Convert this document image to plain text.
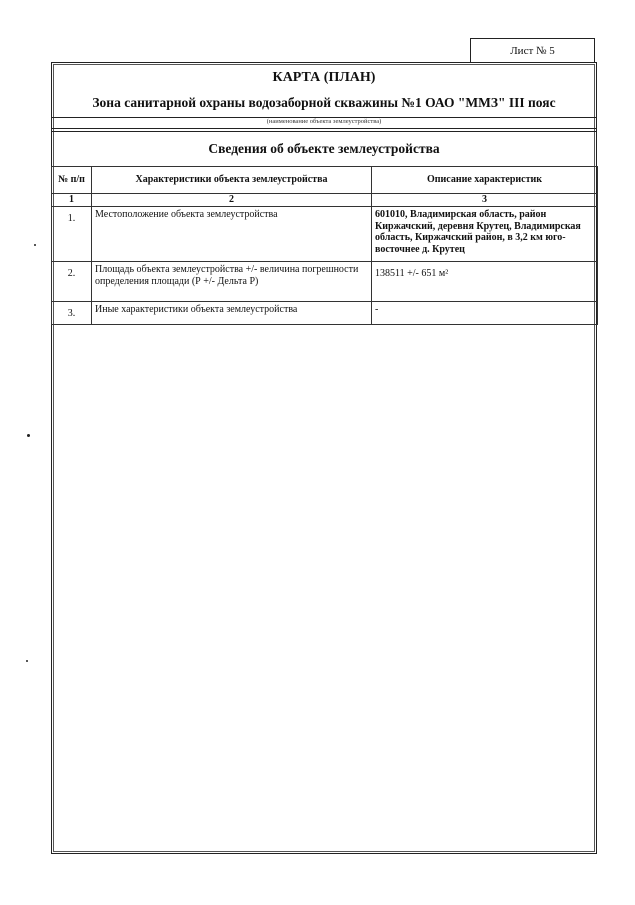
Лист № 5
КАРТА (ПЛАН)
Зона санитарной охраны водозаборной скважины №1 ОАО "ММЗ" III пояс
(наименование объекта землеустройства)
Сведения об объекте землеустройства
№ п/п	Характеристики объекта землеустройства	Описание характеристик
1	2	3
1.	Местоположение объекта землеустройства	601010, Владимирская область, район Киржачский, деревня Крутец, Владимирская область, Киржачский район, в 3,2 км юго-восточнее д. Крутец
2.	Площадь объекта землеустройства +/- величина погрешности определения площади (Р +/- Дельта Р)	138511 +/- 651 м²
3.	Иные характеристики объекта землеустройства	-
